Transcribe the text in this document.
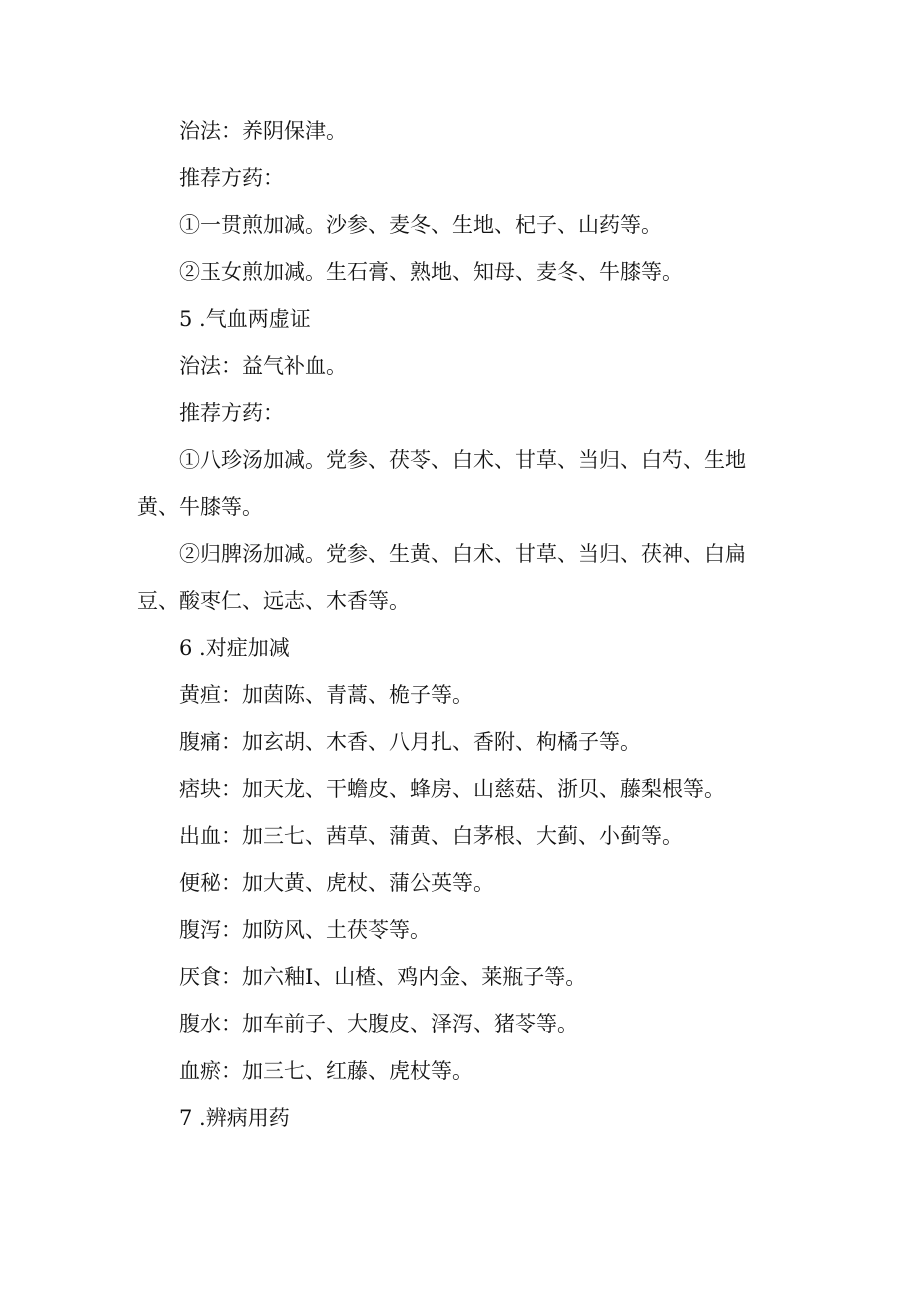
治法：养阴保津。

推荐方药：

①一贯煎加减。沙参、麦冬、生地、杞子、山药等。

②玉女煎加减。生石膏、熟地、知母、麦冬、牛膝等。

5 .气血两虚证

治法：益气补血。

推荐方药：

①八珍汤加减。党参、茯苓、白术、甘草、当归、白芍、生地黄、牛膝等。

②归脾汤加减。党参、生黄、白术、甘草、当归、茯神、白扁豆、酸枣仁、远志、木香等。

6 .对症加减

黄疸：加茵陈、青蒿、桅子等。

腹痛：加玄胡、木香、八月扎、香附、枸橘子等。

痞块：加天龙、干蟾皮、蜂房、山慈菇、浙贝、藤梨根等。

出血：加三七、茜草、蒲黄、白茅根、大蓟、小蓟等。

便秘：加大黄、虎杖、蒲公英等。

腹泻：加防风、土茯苓等。

厌食：加六釉I、山楂、鸡内金、莱瓶子等。

腹水：加车前子、大腹皮、泽泻、猪苓等。

血瘀：加三七、红藤、虎杖等。

7 .辨病用药
